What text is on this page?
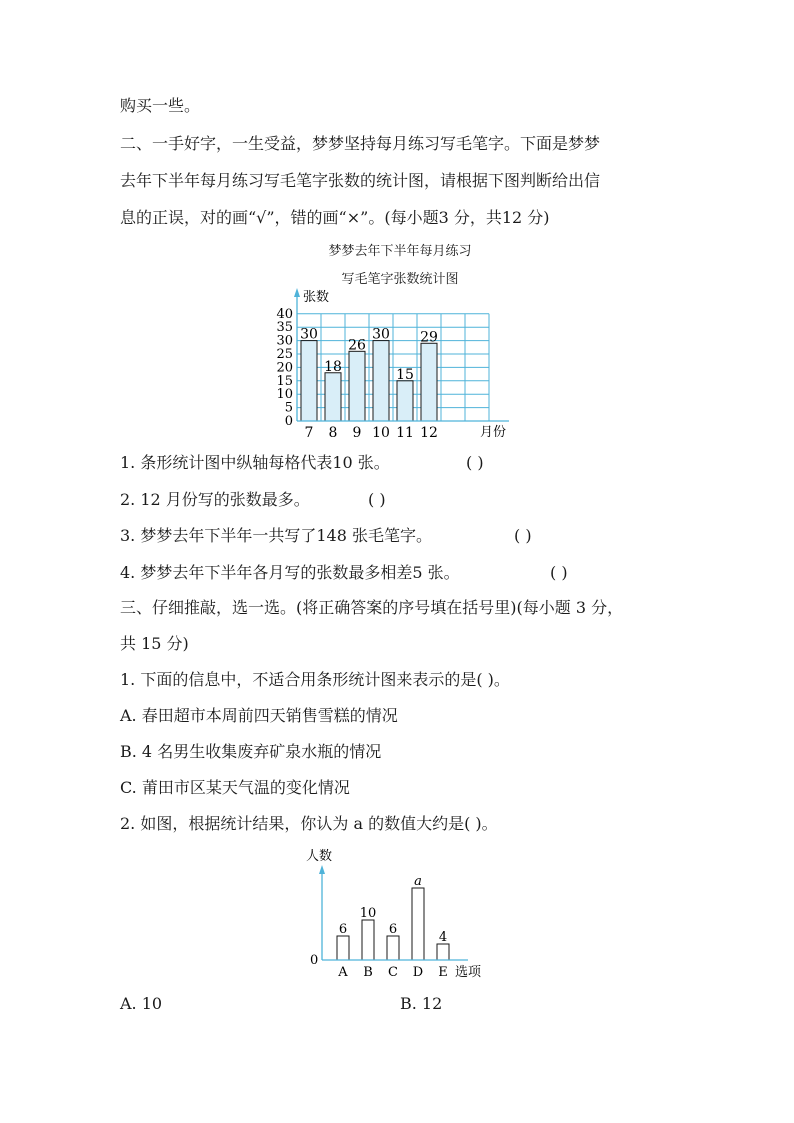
购买一些。
二、一手好字，一生受益，梦梦坚持每月练习写毛笔字。下面是梦梦
去年下半年每月练习写毛笔字张数的统计图，请根据下图判断给出信
息的正误，对的画“√”，错的画“×”。(每小题3 分，共12 分)
梦梦去年下半年每月练习
写毛笔字张数统计图
0
5
10
15
20
25
30
35
40
7 8 9 10 11 12
30
18
26
30
15
29
张数
月份
1. 条形统计图中纵轴每格代表10 张。	( )
2. 12 月份写的张数最多。	( )
3. 梦梦去年下半年一共写了148 张毛笔字。	( )
4. 梦梦去年下半年各月写的张数最多相差5 张。	( )
三、仔细推敲，选一选。(将正确答案的序号填在括号里)(每小题 3 分，
共 15 分)
1. 下面的信息中，不适合用条形统计图来表示的是( )。
A. 春田超市本周前四天销售雪糕的情况
B. 4 名男生收集废弃矿泉水瓶的情况
C. 莆田市区某天气温的变化情况
2. 如图，根据统计结果，你认为 a 的数值大约是( )。
A B C D E
6
10
6
a
4
人数
选项
0
A. 10	B. 12
